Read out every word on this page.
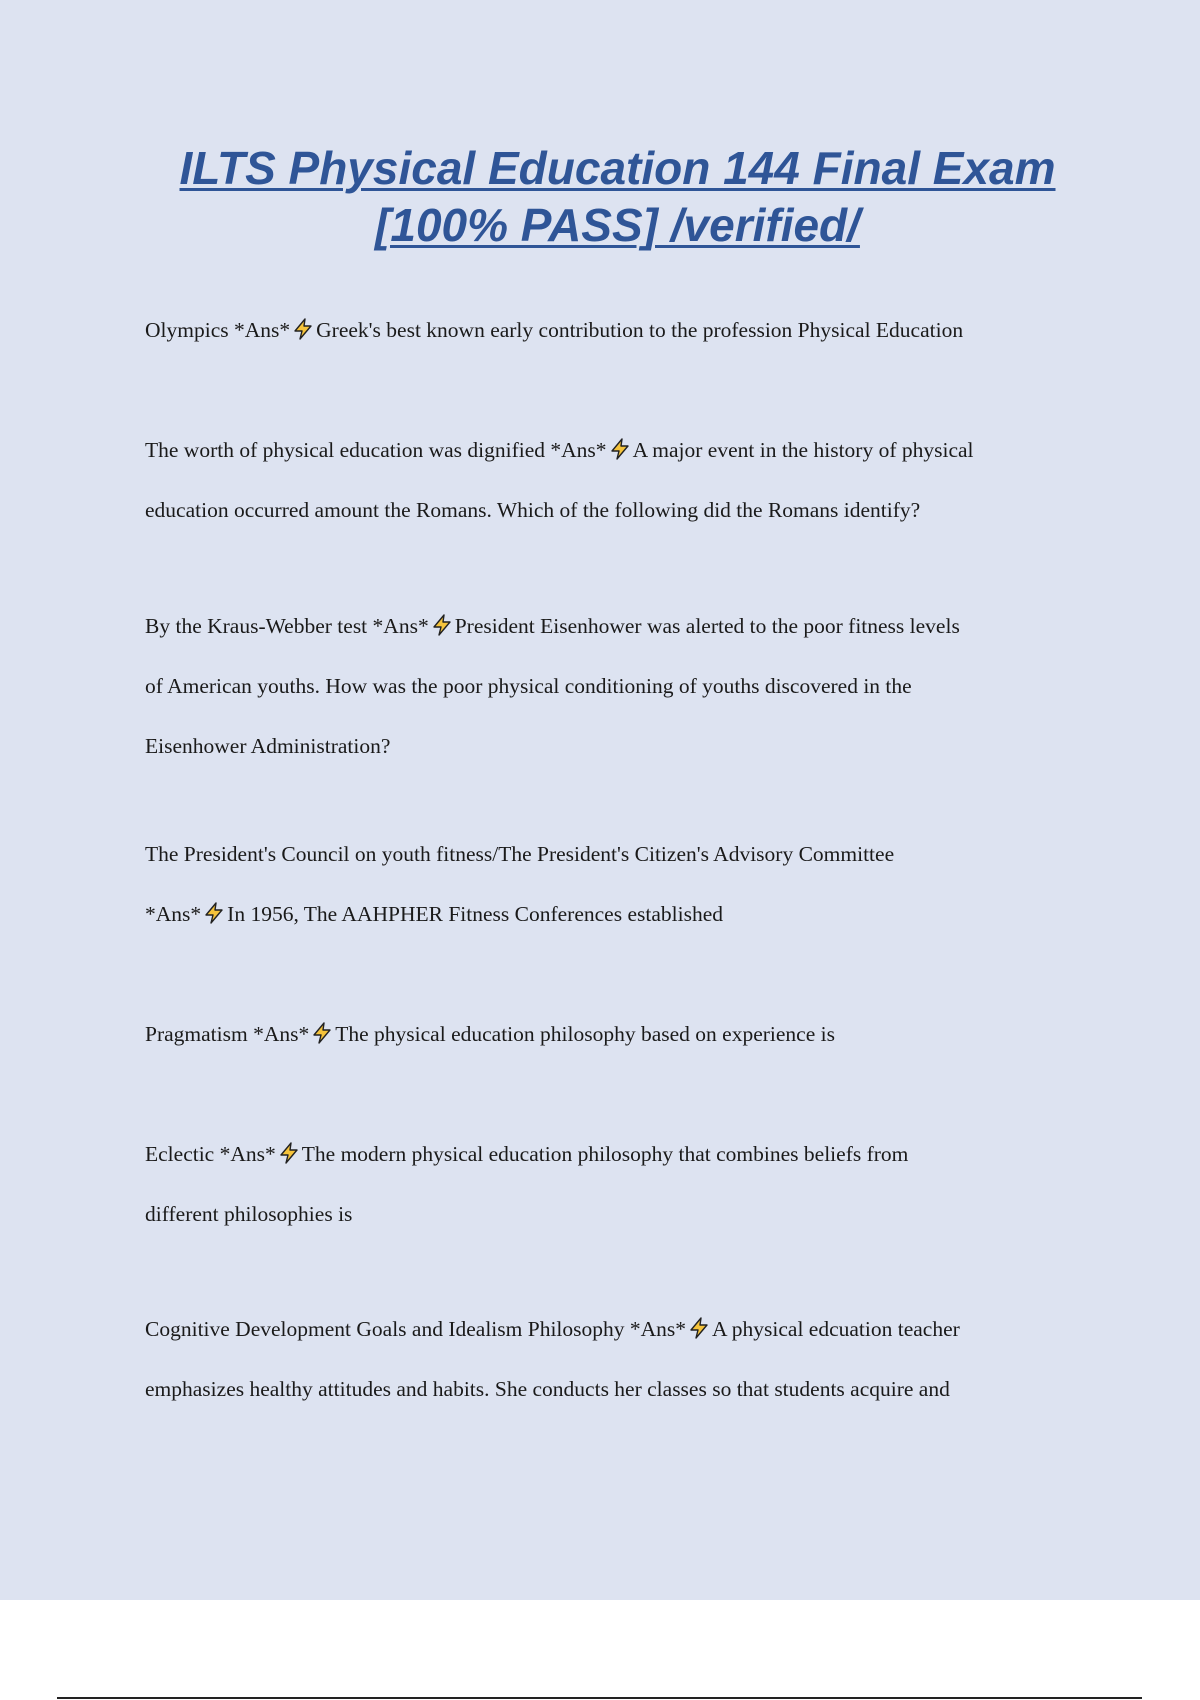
ILTS Physical Education 144 Final Exam
[100% PASS] /verified/

Olympics *Ans* Greek's best known early contribution to the profession Physical Education

The worth of physical education was dignified *Ans* A major event in the history of physical
education occurred amount the Romans. Which of the following did the Romans identify?

By the Kraus-Webber test *Ans* President Eisenhower was alerted to the poor fitness levels
of American youths. How was the poor physical conditioning of youths discovered in the
Eisenhower Administration?

The President's Council on youth fitness/The President's Citizen's Advisory Committee
*Ans* In 1956, The AAHPHER Fitness Conferences established

Pragmatism *Ans* The physical education philosophy based on experience is

Eclectic *Ans* The modern physical education philosophy that combines beliefs from
different philosophies is

Cognitive Development Goals and Idealism Philosophy *Ans* A physical edcuation teacher
emphasizes healthy attitudes and habits. She conducts her classes so that students acquire and
